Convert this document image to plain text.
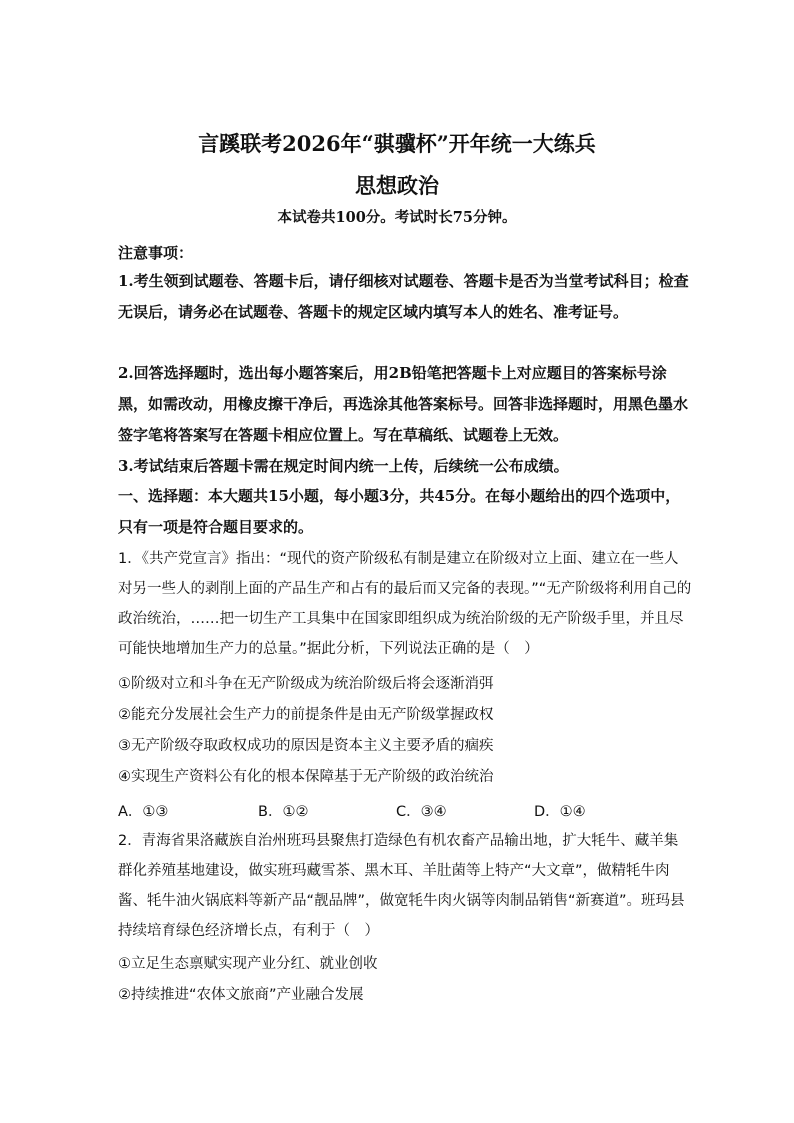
言蹊联考2026年“骐骥杯”开年统一大练兵
思想政治
本试卷共100分。考试时长75分钟。

注意事项：

1.考生领到试题卷、答题卡后，请仔细核对试题卷、答题卡是否为当堂考试科目；检查无误后，请务必在试题卷、答题卡的规定区域内填写本人的姓名、准考证号。

2.回答选择题时，选出每小题答案后，用2B铅笔把答题卡上对应题目的答案标号涂黑，如需改动，用橡皮擦干净后，再选涂其他答案标号。回答非选择题时，用黑色墨水签字笔将答案写在答题卡相应位置上。写在草稿纸、试题卷上无效。

3.考试结束后答题卡需在规定时间内统一上传，后续统一公布成绩。

一、选择题：本大题共15小题，每小题3分，共45分。在每小题给出的四个选项中，只有一项是符合题目要求的。

1．《共产党宣言》指出：“现代的资产阶级私有制是建立在阶级对立上面、建立在一些人对另一些人的剥削上面的产品生产和占有的最后而又完备的表现。”“无产阶级将利用自己的政治统治，……把一切生产工具集中在国家即组织成为统治阶级的无产阶级手里，并且尽可能快地增加生产力的总量。”据此分析，下列说法正确的是（　）

①阶级对立和斗争在无产阶级成为统治阶级后将会逐渐消弭

②能充分发展社会生产力的前提条件是由无产阶级掌握政权

③无产阶级夺取政权成功的原因是资本主义主要矛盾的痼疾

④实现生产资料公有化的根本保障基于无产阶级的政治统治

A．①③	B．①②	C．③④	D．①④

2．青海省果洛藏族自治州班玛县聚焦打造绿色有机农畜产品输出地，扩大牦牛、藏羊集群化养殖基地建设，做实班玛藏雪茶、黑木耳、羊肚菌等上特产“大文章”，做精牦牛肉酱、牦牛油火锅底料等新产品“靓品牌”，做宽牦牛肉火锅等肉制品销售“新赛道”。班玛县持续培育绿色经济增长点，有利于（　）

①立足生态禀赋实现产业分红、就业创收

②持续推进“农体文旅商”产业融合发展
